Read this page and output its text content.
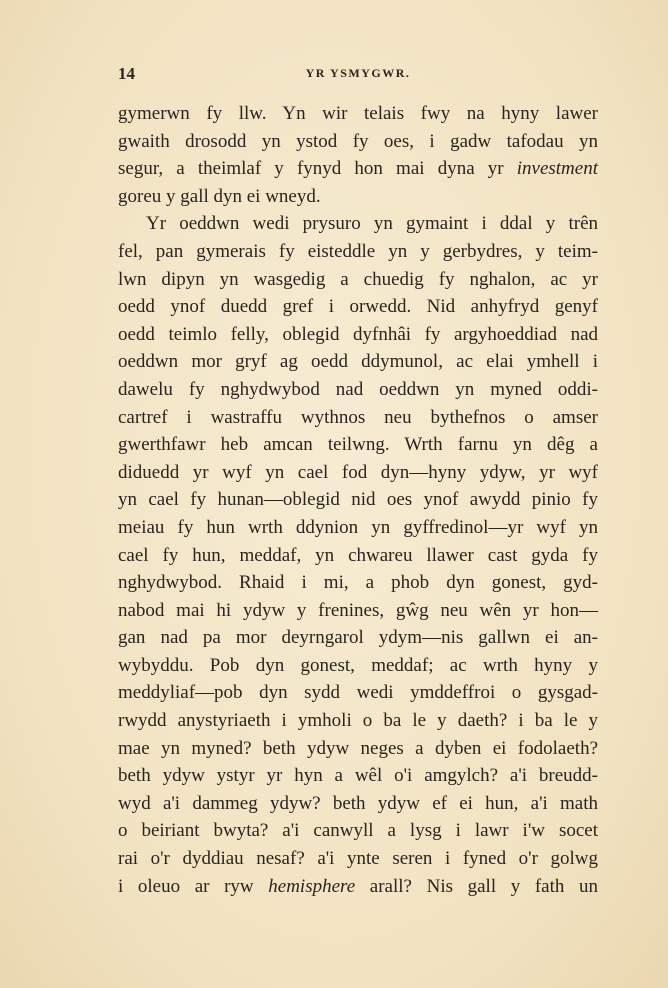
14	YR YSMYGWR.
gymerwn fy llw. Yn wir telais fwy na hyny lawer
gwaith drosodd yn ystod fy oes, i gadw tafodau yn
segur, a theimlaf y fynyd hon mai dyna yr investment
goreu y gall dyn ei wneyd.
Yr oeddwn wedi prysuro yn gymaint i ddal y trên
fel, pan gymerais fy eisteddle yn y gerbydres, y teim-
lwn dipyn yn wasgedig a chuedig fy nghalon, ac yr
oedd ynof duedd gref i orwedd. Nid anhyfryd genyf
oedd teimlo felly, oblegid dyfnhâi fy argyhoeddiad nad
oeddwn mor gryf ag oedd ddymunol, ac elai ymhell i
dawelu fy nghydwybod nad oeddwn yn myned oddi-
cartref i wastraffu wythnos neu bythefnos o amser
gwerthfawr heb amcan teilwng. Wrth farnu yn dêg a
diduedd yr wyf yn cael fod dyn—hyny ydyw, yr wyf
yn cael fy hunan—oblegid nid oes ynof awydd pinio fy
meiau fy hun wrth ddynion yn gyffredinol—yr wyf yn
cael fy hun, meddaf, yn chwareu llawer cast gyda fy
nghydwybod. Rhaid i mi, a phob dyn gonest, gyd-
nabod mai hi ydyw y frenines, gŵg neu wên yr hon—
gan nad pa mor deyrngarol ydym—nis gallwn ei an-
wybyddu. Pob dyn gonest, meddaf; ac wrth hyny y
meddyliaf—pob dyn sydd wedi ymddeffroi o gysgad-
rwydd anystyriaeth i ymholi o ba le y daeth? i ba le y
mae yn myned? beth ydyw neges a dyben ei fodolaeth?
beth ydyw ystyr yr hyn a wêl o'i amgylch? a'i breudd-
wyd a'i dammeg ydyw? beth ydyw ef ei hun, a'i math
o beiriant bwyta? a'i canwyll a lysg i lawr i'w socet
rai o'r dyddiau nesaf? a'i ynte seren i fyned o'r golwg
i oleuo ar ryw hemisphere arall? Nis gall y fath un
